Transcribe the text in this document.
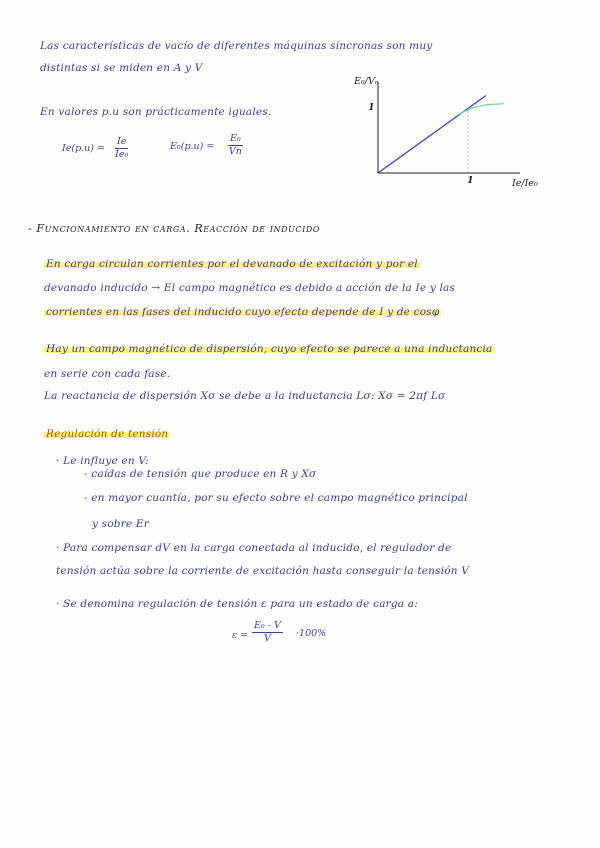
Las características de vacío de diferentes máquinas síncronas son muy
distintas si se miden en A y V
En valores p.u son prácticamente iguales.
$Ie(p.u) = \frac{Ie}{\text{Ie₀}}$	$E_0(p.u) = \frac{\text{E₀}}{Vn}$
E₀/Vₙ
Ie/Ie₀
1
1
- Funcionamiento en carga. Reacción de inducido
En carga circulan corrientes por el devanado de excitación y por el
devanado inducido → El campo magnético es debido a acción de la Ie y las
corrientes en las fases del inducido cuyo efecto depende de I y de cosφ
Hay un campo magnético de dispersión, cuyo efecto se parece a una inductancia
en serie con cada fase.
La reactancia de dispersión Xσ se debe a la inductancia Lσ: Xσ = 2πf Lσ
Regulación de tensión
· Le influye en V:
- caídas de tensión que produce en R y Xσ
- en mayor cuantía, por su efecto sobre el campo magnético principal
y sobre Er
· Para compensar dV en la carga conectada al inducido, el regulador de
tensión actúa sobre la corriente de excitación hasta conseguir la tensión V
· Se denomina regulación de tensión ε para un estado de carga a:
$\varepsilon = \frac{\text{E₀ - V}}{V} \cdot 100\%$
